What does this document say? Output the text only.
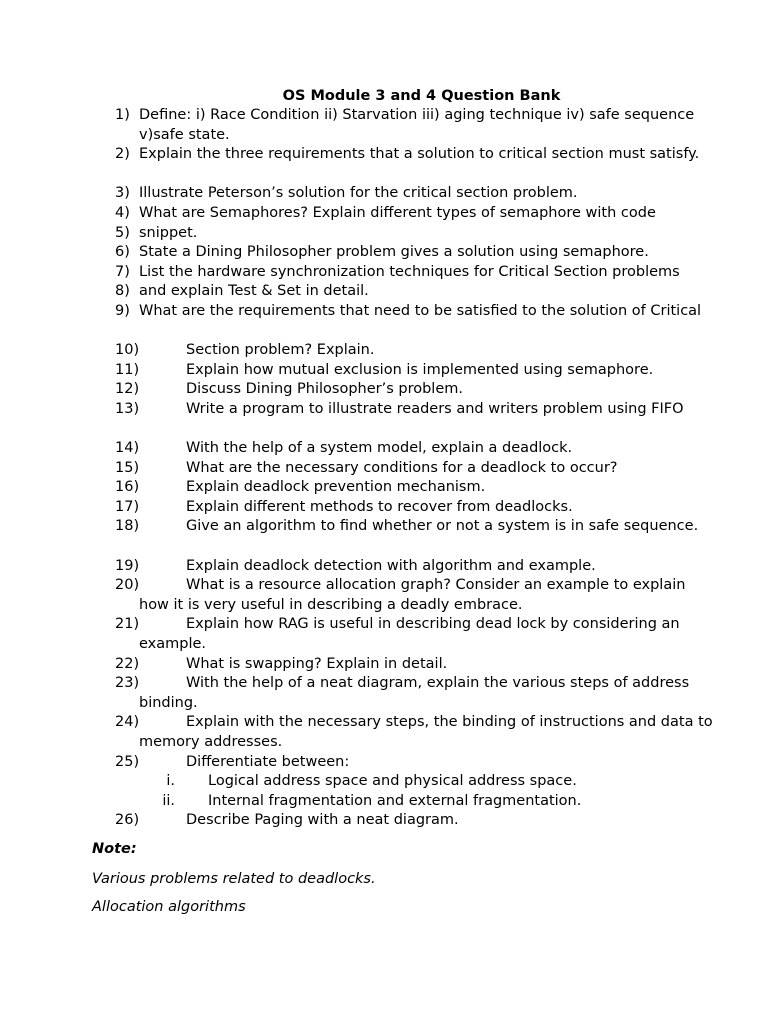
OS Module 3 and 4 Question Bank
1) Define: i) Race Condition ii) Starvation iii) aging technique iv) safe sequence v)safe state.
2) Explain the three requirements that a solution to critical section must satisfy.
3) Illustrate Peterson’s solution for the critical section problem.
4) What are Semaphores? Explain different types of semaphore with code
5) snippet.
6) State a Dining Philosopher problem gives a solution using semaphore.
7) List the hardware synchronization techniques for Critical Section problems
8) and explain Test & Set in detail.
9) What are the requirements that need to be satisfied to the solution of Critical
10)	Section problem? Explain.
11)	Explain how mutual exclusion is implemented using semaphore.
12)	Discuss Dining Philosopher’s problem.
13)	Write a program to illustrate readers and writers problem using FIFO
14)	With the help of a system model, explain a deadlock.
15)	What are the necessary conditions for a deadlock to occur?
16)	Explain deadlock prevention mechanism.
17)	Explain different methods to recover from deadlocks.
18)	Give an algorithm to find whether or not a system is in safe sequence.
19)	Explain deadlock detection with algorithm and example.
20)	What is a resource allocation graph? Consider an example to explain how it is very useful in describing a deadly embrace.
21)	Explain how RAG is useful in describing dead lock by considering an example.
22)	What is swapping? Explain in detail.
23)	With the help of a neat diagram, explain the various steps of address binding.
24)	Explain with the necessary steps, the binding of instructions and data to memory addresses.
25)	Differentiate between:
i. Logical address space and physical address space.
ii. Internal fragmentation and external fragmentation.
26)	Describe Paging with a neat diagram.
Note:
Various problems related to deadlocks.
Allocation algorithms
